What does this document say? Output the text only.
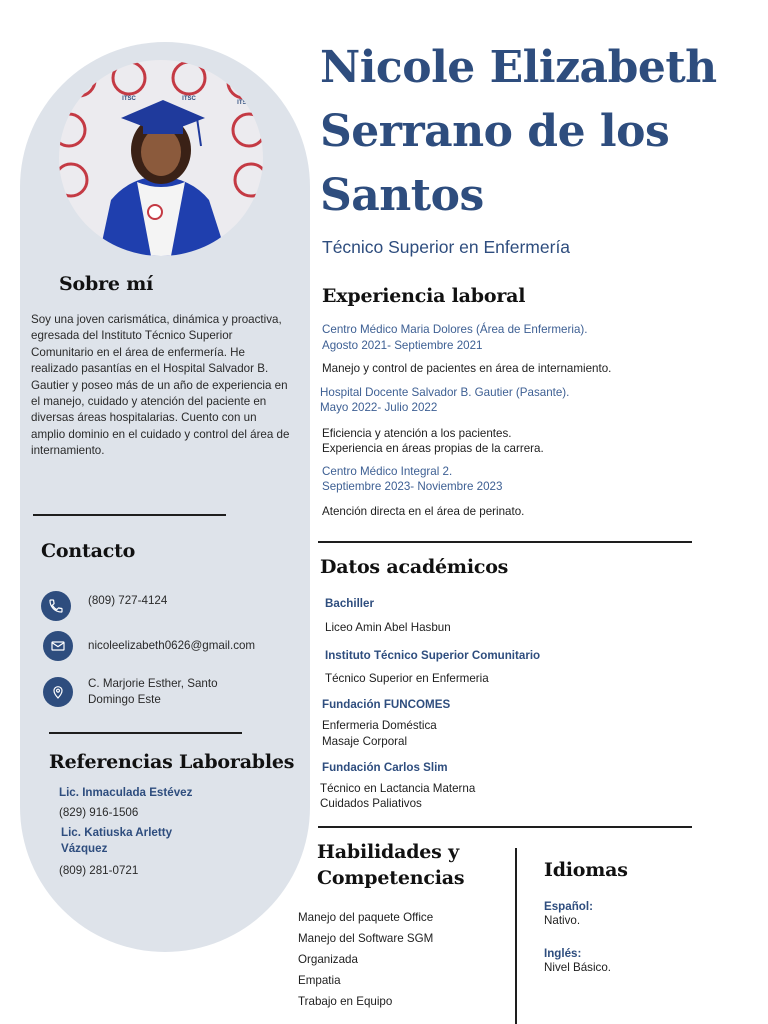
ITSC	ITSC
ITSC
Sobre mí
Soy una joven carismática, dinámica y proactiva, egresada del Instituto Técnico Superior Comunitario en el área de enfermería. He realizado pasantías en el Hospital Salvador B. Gautier y poseo más de un año de experiencia en el manejo, cuidado y atención del paciente en diversas áreas hospitalarias. Cuento con un amplio dominio en el cuidado y control del área de internamiento.
Contacto
(809) 727-4124
nicoleelizabeth0626@gmail.com
C. Marjorie Esther, Santo
Domingo Este
Referencias Laborables
Lic. Inmaculada Estévez
(829) 916-1506
Lic. Katiuska Arletty
Vázquez
(809) 281-0721
Nicole Elizabeth
Serrano de los
Santos
Técnico Superior en Enfermería
Experiencia laboral
Centro Médico Maria Dolores (Área de Enfermeria).
Agosto 2021- Septiembre 2021
Manejo y control de pacientes en área de internamiento.
Hospital Docente Salvador B. Gautier (Pasante).
Mayo 2022- Julio 2022
Eficiencia y atención a los pacientes.
Experiencia en áreas propias de la carrera.
Centro Médico Integral 2.
Septiembre 2023- Noviembre 2023
Atención directa en el área de perinato.
Datos académicos
Bachiller
Liceo Amin Abel Hasbun
Instituto Técnico Superior Comunitario
Técnico Superior en Enfermeria
Fundación FUNCOMES
Enfermeria Doméstica
Masaje Corporal
Fundación Carlos Slim
Técnico en Lactancia Materna
Cuidados Paliativos
Habilidades y
Competencias
Manejo del paquete Office
Manejo del Software SGM
Organizada
Empatia
Trabajo en Equipo
Idiomas
Español:
Nativo.
Inglés:
Nivel Básico.
